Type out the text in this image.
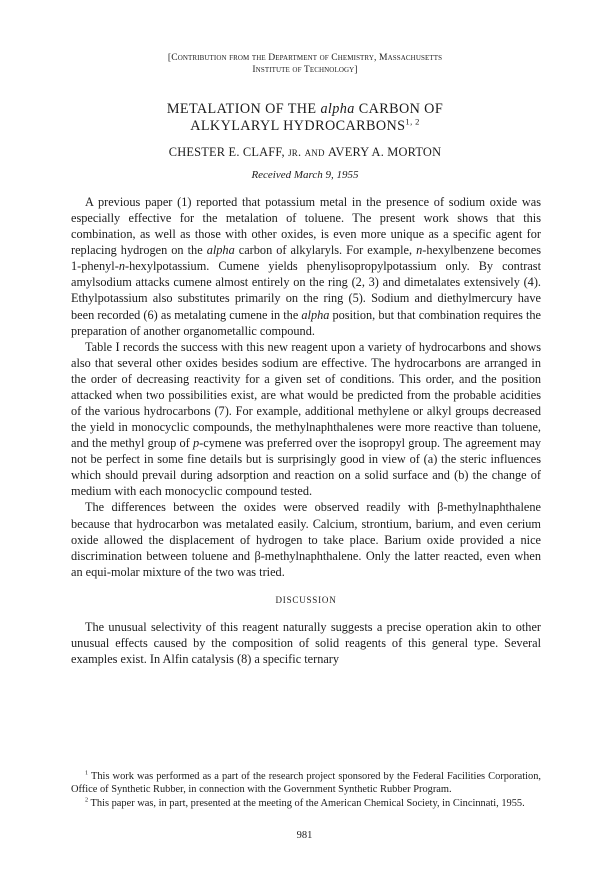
[Contribution from the Department of Chemistry, Massachusetts
Institute of Technology]
METALATION OF THE alpha CARBON OF
ALKYLARYL HYDROCARBONS$^{1, 2}$
CHESTER E. CLAFF, jr. and AVERY A. MORTON
Received March 9, 1955

A previous paper (1) reported that potassium metal in the presence of sodium oxide was especially effective for the metalation of toluene. The present work shows that this combination, as well as those with other oxides, is even more unique as a specific agent for replacing hydrogen on the alpha carbon of alkylaryls. For example, n-hexylbenzene becomes 1-phenyl-n-hexylpotassium. Cumene yields phenylisopropylpotassium only. By contrast amylsodium attacks cumene almost entirely on the ring (2, 3) and dimetalates extensively (4). Ethylpotassium also substitutes primarily on the ring (5). Sodium and diethylmercury have been recorded (6) as metalating cumene in the alpha position, but that combination requires the preparation of another organometallic compound.

Table I records the success with this new reagent upon a variety of hydrocarbons and shows also that several other oxides besides sodium are effective. The hydrocarbons are arranged in the order of decreasing reactivity for a given set of conditions. This order, and the position attacked when two possibilities exist, are what would be predicted from the probable acidities of the various hydrocarbons (7). For example, additional methylene or alkyl groups decreased the yield in monocyclic compounds, the methylnaphthalenes were more reactive than toluene, and the methyl group of p-cymene was preferred over the isopropyl group. The agreement may not be perfect in some fine details but is surprisingly good in view of (a) the steric influences which should prevail during adsorption and reaction on a solid surface and (b) the change of medium with each monocyclic compound tested.

The differences between the oxides were observed readily with β-methylnaphthalene because that hydrocarbon was metalated easily. Calcium, strontium, barium, and even cerium oxide allowed the displacement of hydrogen to take place. Barium oxide provided a nice discrimination between toluene and β-methylnaphthalene. Only the latter reacted, even when an equi-molar mixture of the two was tried.

DISCUSSION

The unusual selectivity of this reagent naturally suggests a precise operation akin to other unusual effects caused by the composition of solid reagents of this general type. Several examples exist. In Alfin catalysis (8) a specific ternary

$^1$ This work was performed as a part of the research project sponsored by the Federal Facilities Corporation, Office of Synthetic Rubber, in connection with the Government Synthetic Rubber Program.

$^2$ This paper was, in part, presented at the meeting of the American Chemical Society, in Cincinnati, 1955.

981
